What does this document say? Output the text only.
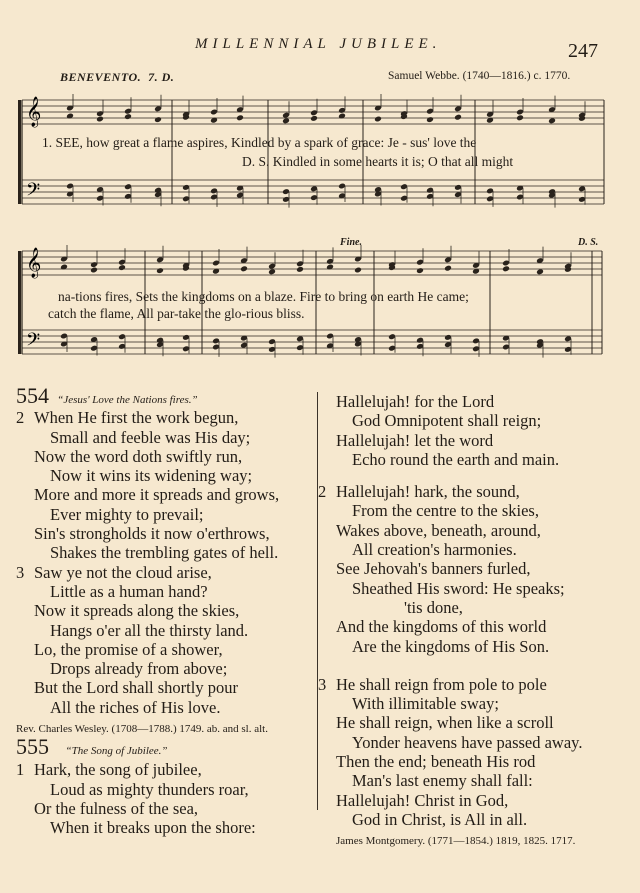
MILLENNIAL JUBILEE.	247
BENEVENTO. 7. D.	Samuel Webbe. (1740—1816.) c. 1770.
𝄞
𝄢
𝄞
𝄢
1. SEE, how great a flame aspires, Kindled by a spark of grace: Je - sus' love the
D. S. Kindled in some hearts it is; O that all might
Fine.	D. S.
na-tions fires, Sets the kingdoms on a blaze. Fire to bring on earth He came;
catch the flame, All par-take the glo-rious bliss.
554 “Jesus' Love the Nations fires.”
2 When He first the work begun,
Small and feeble was His day;
Now the word doth swiftly run,
Now it wins its widening way;
More and more it spreads and grows,
Ever mighty to prevail;
Sin's strongholds it now o'erthrows,
Shakes the trembling gates of hell.
3 Saw ye not the cloud arise,
Little as a human hand?
Now it spreads along the skies,
Hangs o'er all the thirsty land.
Lo, the promise of a shower,
Drops already from above;
But the Lord shall shortly pour
All the riches of His love.
Rev. Charles Wesley. (1708—1788.) 1749. ab. and sl. alt.
555 “The Song of Jubilee.”
1 Hark, the song of jubilee,
Loud as mighty thunders roar,
Or the fulness of the sea,
When it breaks upon the shore:
Hallelujah! for the Lord
God Omnipotent shall reign;
Hallelujah! let the word
Echo round the earth and main.
2 Hallelujah! hark, the sound,
From the centre to the skies,
Wakes above, beneath, around,
All creation's harmonies.
See Jehovah's banners furled,
Sheathed His sword: He speaks;
'tis done,
And the kingdoms of this world
Are the kingdoms of His Son.
3 He shall reign from pole to pole
With illimitable sway;
He shall reign, when like a scroll
Yonder heavens have passed away.
Then the end; beneath His rod
Man's last enemy shall fall:
Hallelujah! Christ in God,
God in Christ, is All in all.
James Montgomery. (1771—1854.) 1819, 1825. 1717.
